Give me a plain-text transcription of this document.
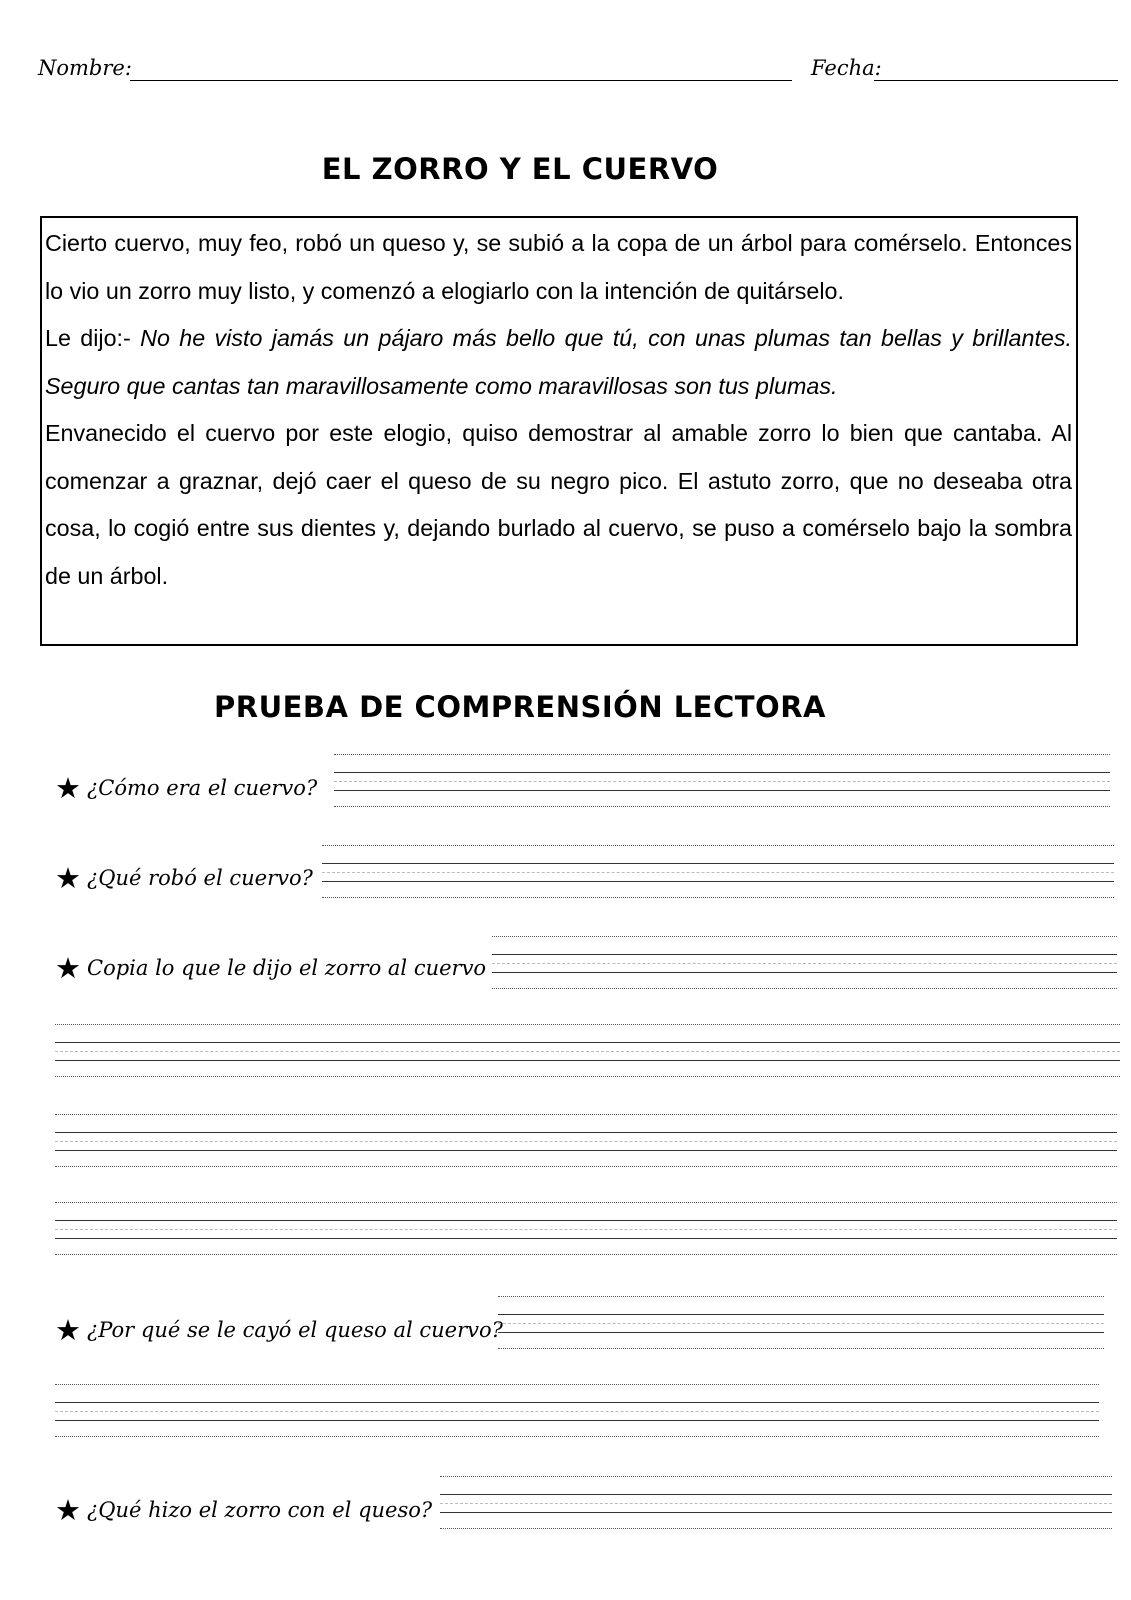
Nombre:	Fecha:
EL ZORRO Y EL CUERVO

Cierto cuervo, muy feo, robó un queso y, se subió a la copa de un árbol para comérselo. Entonces lo vio un zorro muy listo, y comenzó a elogiarlo con la intención de quitárselo.

Le dijo:- No he visto jamás un pájaro más bello que tú, con unas plumas tan bellas y brillantes. Seguro que cantas tan maravillosamente como maravillosas son tus plumas.

Envanecido el cuervo por este elogio, quiso demostrar al amable zorro lo bien que cantaba. Al comenzar a graznar, dejó caer el queso de su negro pico. El astuto zorro, que no deseaba otra cosa, lo cogió entre sus dientes y, dejando burlado al cuervo, se puso a comérselo bajo la sombra de un árbol.

PRUEBA DE COMPRENSIÓN LECTORA
★ ¿Cómo era el cuervo?
★ ¿Qué robó el cuervo?
★ Copia lo que le dijo el zorro al cuervo
★ ¿Por qué se le cayó el queso al cuervo?
★ ¿Qué hizo el zorro con el queso?
